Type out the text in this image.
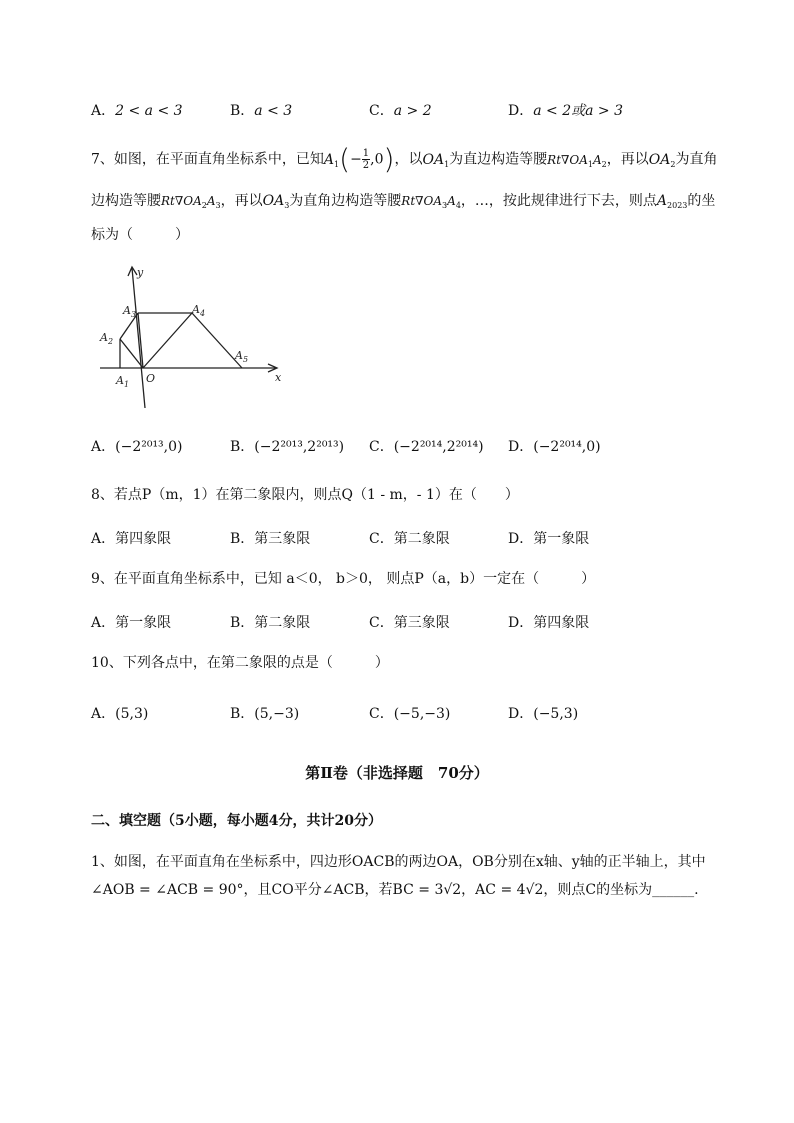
A．2 < a < 3	B．a < 3	C．a > 2	D．a < 2或a > 3
7、如图，在平面直角坐标系中，已知$A_1(- \frac{1}{2} ,0)$，以$OA_1$为直边构造等腰$Rt\nabla OA_1A_2$，再以$OA_2$为直角
边构造等腰$Rt\nabla OA_2A_3$，再以$OA_3$为直角边构造等腰$Rt\nabla OA_3A_4$，…，按此规律进行下去，则点$A_{2023}$的坐
标为（　　　）
y
x
O
$A_1$
$A_2$
$A_3$	$A_4$
$A_5$
A．(−2²⁰¹³,0)	B．(−2²⁰¹³,2²⁰¹³) C．(−2²⁰¹⁴,2²⁰¹⁴) D．(−2²⁰¹⁴,0)
8、若点P（m，1）在第二象限内，则点Q（1 - m，- 1）在（　　）
A．第四象限	B．第三象限	C．第二象限	D．第一象限
9、在平面直角坐标系中，已知 a＜0， b＞0， 则点P（a，b）一定在（　　　）
A．第一象限	B．第二象限	C．第三象限	D．第四象限
10、下列各点中，在第二象限的点是（　　　）
A．(5,3)	B．(5,−3)	C．(−5,−3)	D．(−5,3)
第Ⅱ卷（非选择题　70分）
二、填空题（5小题，每小题4分，共计20分）
1、如图，在平面直角在坐标系中，四边形OACB的两边OA，OB分别在x轴、y轴的正半轴上，其中
∠AOB = ∠ACB = 90°，且CO平分∠ACB，若BC = 3√2，AC = 4√2，则点C的坐标为______.
